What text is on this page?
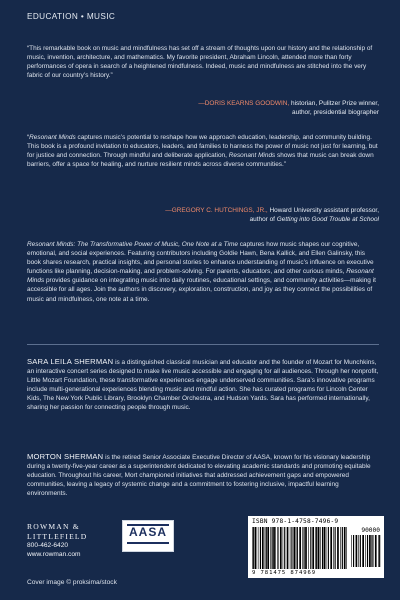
EDUCATION • MUSIC
“This remarkable book on music and mindfulness has set off a stream of thoughts upon our history and the relationship of music, invention, architecture, and mathematics. My favorite president, Abraham Lincoln, attended more than forty performances of opera in search of a heightened mindfulness. Indeed, music and mindfulness are stitched into the very fabric of our country’s history.”
—DORIS KEARNS GOODWIN, historian, Pulitzer Prize winner,
author, presidential biographer
“Resonant Minds captures music’s potential to reshape how we approach education, leadership, and community building. This book is a profound invitation to educators, leaders, and families to harness the power of music not just for learning, but for justice and connection. Through mindful and deliberate application, Resonant Minds shows that music can break down barriers, offer a space for healing, and nurture resilient minds across diverse communities.”
—GREGORY C. HUTCHINGS, JR., Howard University assistant professor,
author of Getting into Good Trouble at School
Resonant Minds: The Transformative Power of Music, One Note at a Time captures how music shapes our cognitive, emotional, and social experiences. Featuring contributors including Goldie Hawn, Bena Kallick, and Ellen Galinsky, this book shares research, practical insights, and personal stories to enhance understanding of music’s influence on executive functions like planning, decision-making, and problem-solving. For parents, educators, and other curious minds, Resonant Minds provides guidance on integrating music into daily routines, educational settings, and community activities—making it accessible for all ages. Join the authors in discovery, exploration, construction, and joy as they connect the possibilities of music and mindfulness, one note at a time.
SARA LEILA SHERMAN is a distinguished classical musician and educator and the founder of Mozart for Munchkins, an interactive concert series designed to make live music accessible and engaging for all audiences. Through her nonprofit, Little Mozart Foundation, these transformative experiences engage underserved communities. Sara’s innovative programs include multi-generational experiences blending music and mindful action. She has curated programs for Lincoln Center Kids, The New York Public Library, Brooklyn Chamber Orchestra, and Hudson Yards. Sara has performed internationally, sharing her passion for connecting people through music.
MORTON SHERMAN is the retired Senior Associate Executive Director of AASA, known for his visionary leadership during a twenty-five-year career as a superintendent dedicated to elevating academic standards and promoting equitable education. Throughout his career, Mort championed initiatives that addressed achievement gaps and empowered communities, leaving a legacy of systemic change and a commitment to fostering inclusive, impactful learning environments.
ROWMAN &
LITTLEFIELD
800-462-6420
www.rowman.com
AASA
ISBN 978-1-4758-7496-9
90000
9 781475 874969
Cover image © proksima/stock
